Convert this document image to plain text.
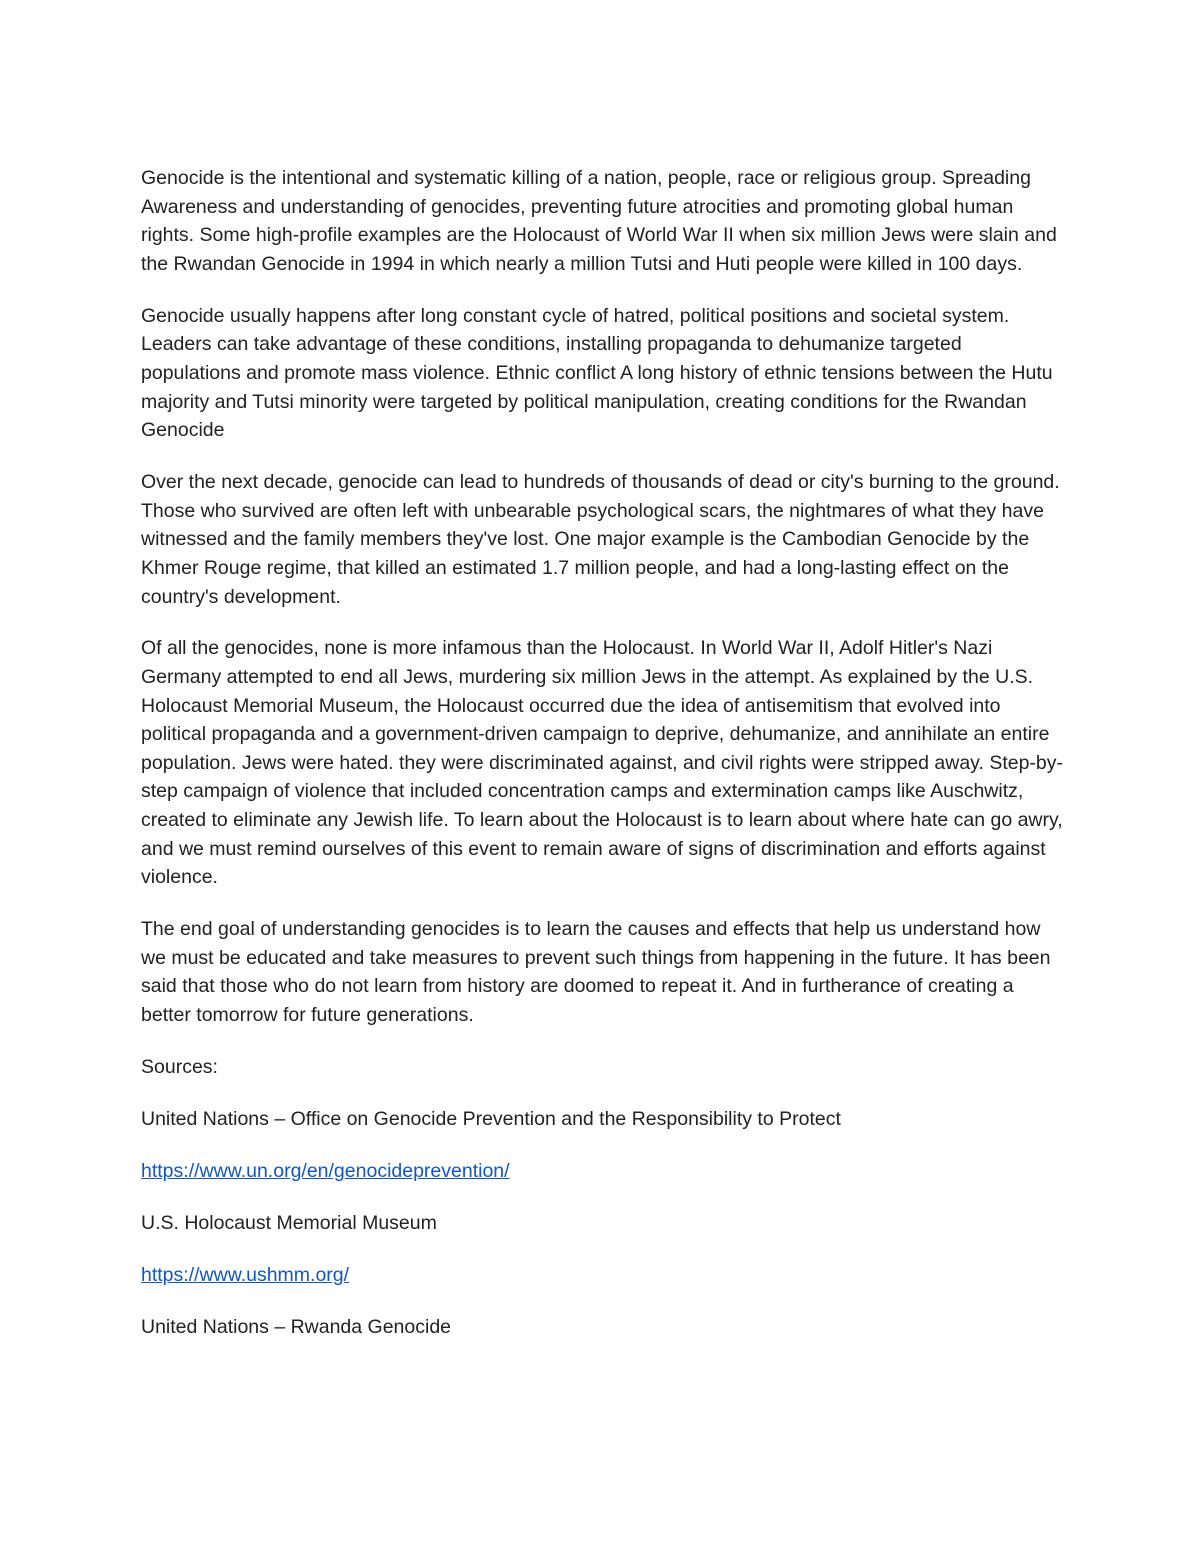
Genocide is the intentional and systematic killing of a nation, people, race or religious group. Spreading Awareness and understanding of genocides, preventing future atrocities and promoting global human rights. Some high-profile examples are the Holocaust of World War II when six million Jews were slain and the Rwandan Genocide in 1994 in which nearly a million Tutsi and Huti people were killed in 100 days.

Genocide usually happens after long constant cycle of hatred, political positions and societal system. Leaders can take advantage of these conditions, installing propaganda to dehumanize targeted populations and promote mass violence. Ethnic conflict A long history of ethnic tensions between the Hutu majority and Tutsi minority were targeted by political manipulation, creating conditions for the Rwandan Genocide

Over the next decade, genocide can lead to hundreds of thousands of dead or city's burning to the ground. Those who survived are often left with unbearable psychological scars, the nightmares of what they have witnessed and the family members they've lost. One major example is the Cambodian Genocide by the Khmer Rouge regime, that killed an estimated 1.7 million people, and had a long-lasting effect on the country's development.

Of all the genocides, none is more infamous than the Holocaust. In World War II, Adolf Hitler's Nazi Germany attempted to end all Jews, murdering six million Jews in the attempt. As explained by the U.S. Holocaust Memorial Museum, the Holocaust occurred due the idea of antisemitism that evolved into political propaganda and a government-driven campaign to deprive, dehumanize, and annihilate an entire population. Jews were hated. they were discriminated against, and civil rights were stripped away. Step-by-step campaign of violence that included concentration camps and extermination camps like Auschwitz, created to eliminate any Jewish life. To learn about the Holocaust is to learn about where hate can go awry, and we must remind ourselves of this event to remain aware of signs of discrimination and efforts against violence.

The end goal of understanding genocides is to learn the causes and effects that help us understand how we must be educated and take measures to prevent such things from happening in the future. It has been said that those who do not learn from history are doomed to repeat it. And in furtherance of creating a better tomorrow for future generations.

Sources:

United Nations – Office on Genocide Prevention and the Responsibility to Protect

https://www.un.org/en/genocideprevention/

U.S. Holocaust Memorial Museum

https://www.ushmm.org/

United Nations – Rwanda Genocide
